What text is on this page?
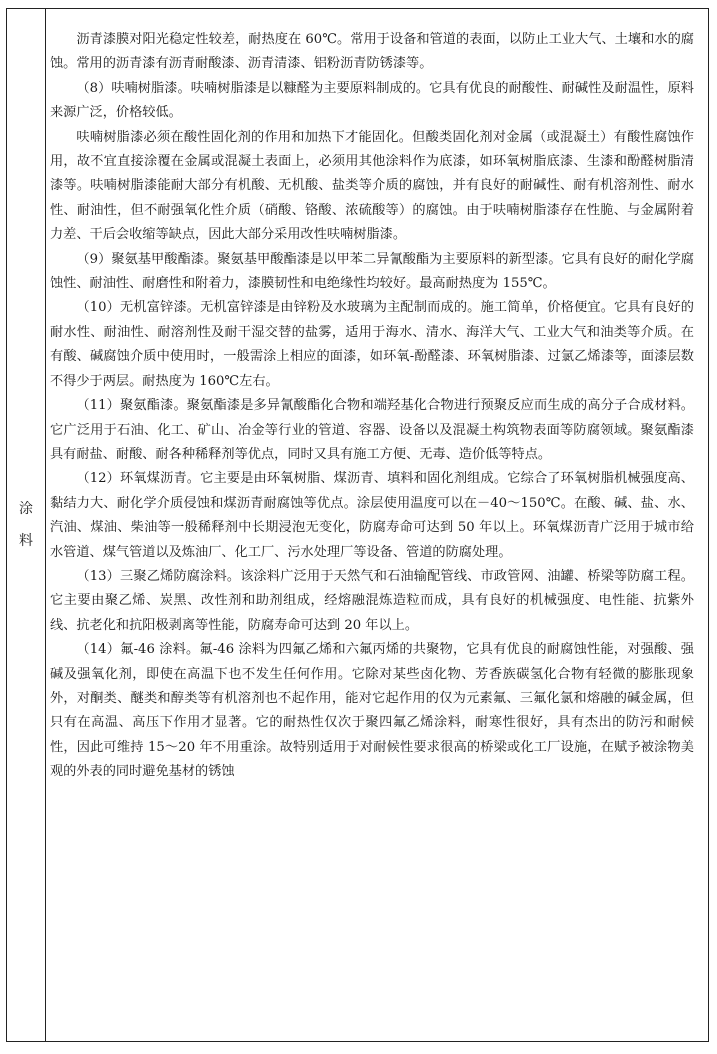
涂
料

沥青漆膜对阳光稳定性较差，耐热度在 60℃。常用于设备和管道的表面，以防止工业大气、土壤和水的腐蚀。常用的沥青漆有沥青耐酸漆、沥青清漆、铝粉沥青防锈漆等。

（8）呋喃树脂漆。呋喃树脂漆是以糠醛为主要原料制成的。它具有优良的耐酸性、耐碱性及耐温性，原料来源广泛，价格较低。

呋喃树脂漆必须在酸性固化剂的作用和加热下才能固化。但酸类固化剂对金属（或混凝土）有酸性腐蚀作用，故不宜直接涂覆在金属或混凝土表面上，必须用其他涂料作为底漆，如环氧树脂底漆、生漆和酚醛树脂清漆等。呋喃树脂漆能耐大部分有机酸、无机酸、盐类等介质的腐蚀，并有良好的耐碱性、耐有机溶剂性、耐水性、耐油性，但不耐强氧化性介质（硝酸、铬酸、浓硫酸等）的腐蚀。由于呋喃树脂漆存在性脆、与金属附着力差、干后会收缩等缺点，因此大部分采用改性呋喃树脂漆。

（9）聚氨基甲酸酯漆。聚氨基甲酸酯漆是以甲苯二异氰酸酯为主要原料的新型漆。它具有良好的耐化学腐蚀性、耐油性、耐磨性和附着力，漆膜韧性和电绝缘性均较好。最高耐热度为 155℃。

（10）无机富锌漆。无机富锌漆是由锌粉及水玻璃为主配制而成的。施工简单，价格便宜。它具有良好的耐水性、耐油性、耐溶剂性及耐干湿交替的盐雾，适用于海水、清水、海洋大气、工业大气和油类等介质。在有酸、碱腐蚀介质中使用时，一般需涂上相应的面漆，如环氧-酚醛漆、环氧树脂漆、过氯乙烯漆等，面漆层数不得少于两层。耐热度为 160℃左右。

（11）聚氨酯漆。聚氨酯漆是多异氰酸酯化合物和端羟基化合物进行预聚反应而生成的高分子合成材料。它广泛用于石油、化工、矿山、冶金等行业的管道、容器、设备以及混凝土构筑物表面等防腐领域。聚氨酯漆具有耐盐、耐酸、耐各种稀释剂等优点，同时又具有施工方便、无毒、造价低等特点。

（12）环氧煤沥青。它主要是由环氧树脂、煤沥青、填料和固化剂组成。它综合了环氧树脂机械强度高、黏结力大、耐化学介质侵蚀和煤沥青耐腐蚀等优点。涂层使用温度可以在－40～150℃。在酸、碱、盐、水、汽油、煤油、柴油等一般稀释剂中长期浸泡无变化，防腐寿命可达到 50 年以上。环氧煤沥青广泛用于城市给水管道、煤气管道以及炼油厂、化工厂、污水处理厂等设备、管道的防腐处理。

（13）三聚乙烯防腐涂料。该涂料广泛用于天然气和石油输配管线、市政管网、油罐、桥梁等防腐工程。它主要由聚乙烯、炭黑、改性剂和助剂组成，经熔融混炼造粒而成，具有良好的机械强度、电性能、抗紫外线、抗老化和抗阳极剥离等性能，防腐寿命可达到 20 年以上。

（14）氟-46 涂料。氟-46 涂料为四氟乙烯和六氟丙烯的共聚物，它具有优良的耐腐蚀性能，对强酸、强碱及强氧化剂，即使在高温下也不发生任何作用。它除对某些卤化物、芳香族碳氢化合物有轻微的膨胀现象外，对酮类、醚类和醇类等有机溶剂也不起作用，能对它起作用的仅为元素氟、三氟化氯和熔融的碱金属，但只有在高温、高压下作用才显著。它的耐热性仅次于聚四氟乙烯涂料，耐寒性很好，具有杰出的防污和耐候性，因此可维持 15～20 年不用重涂。故特别适用于对耐候性要求很高的桥梁或化工厂设施，在赋予被涂物美观的外表的同时避免基材的锈蚀
